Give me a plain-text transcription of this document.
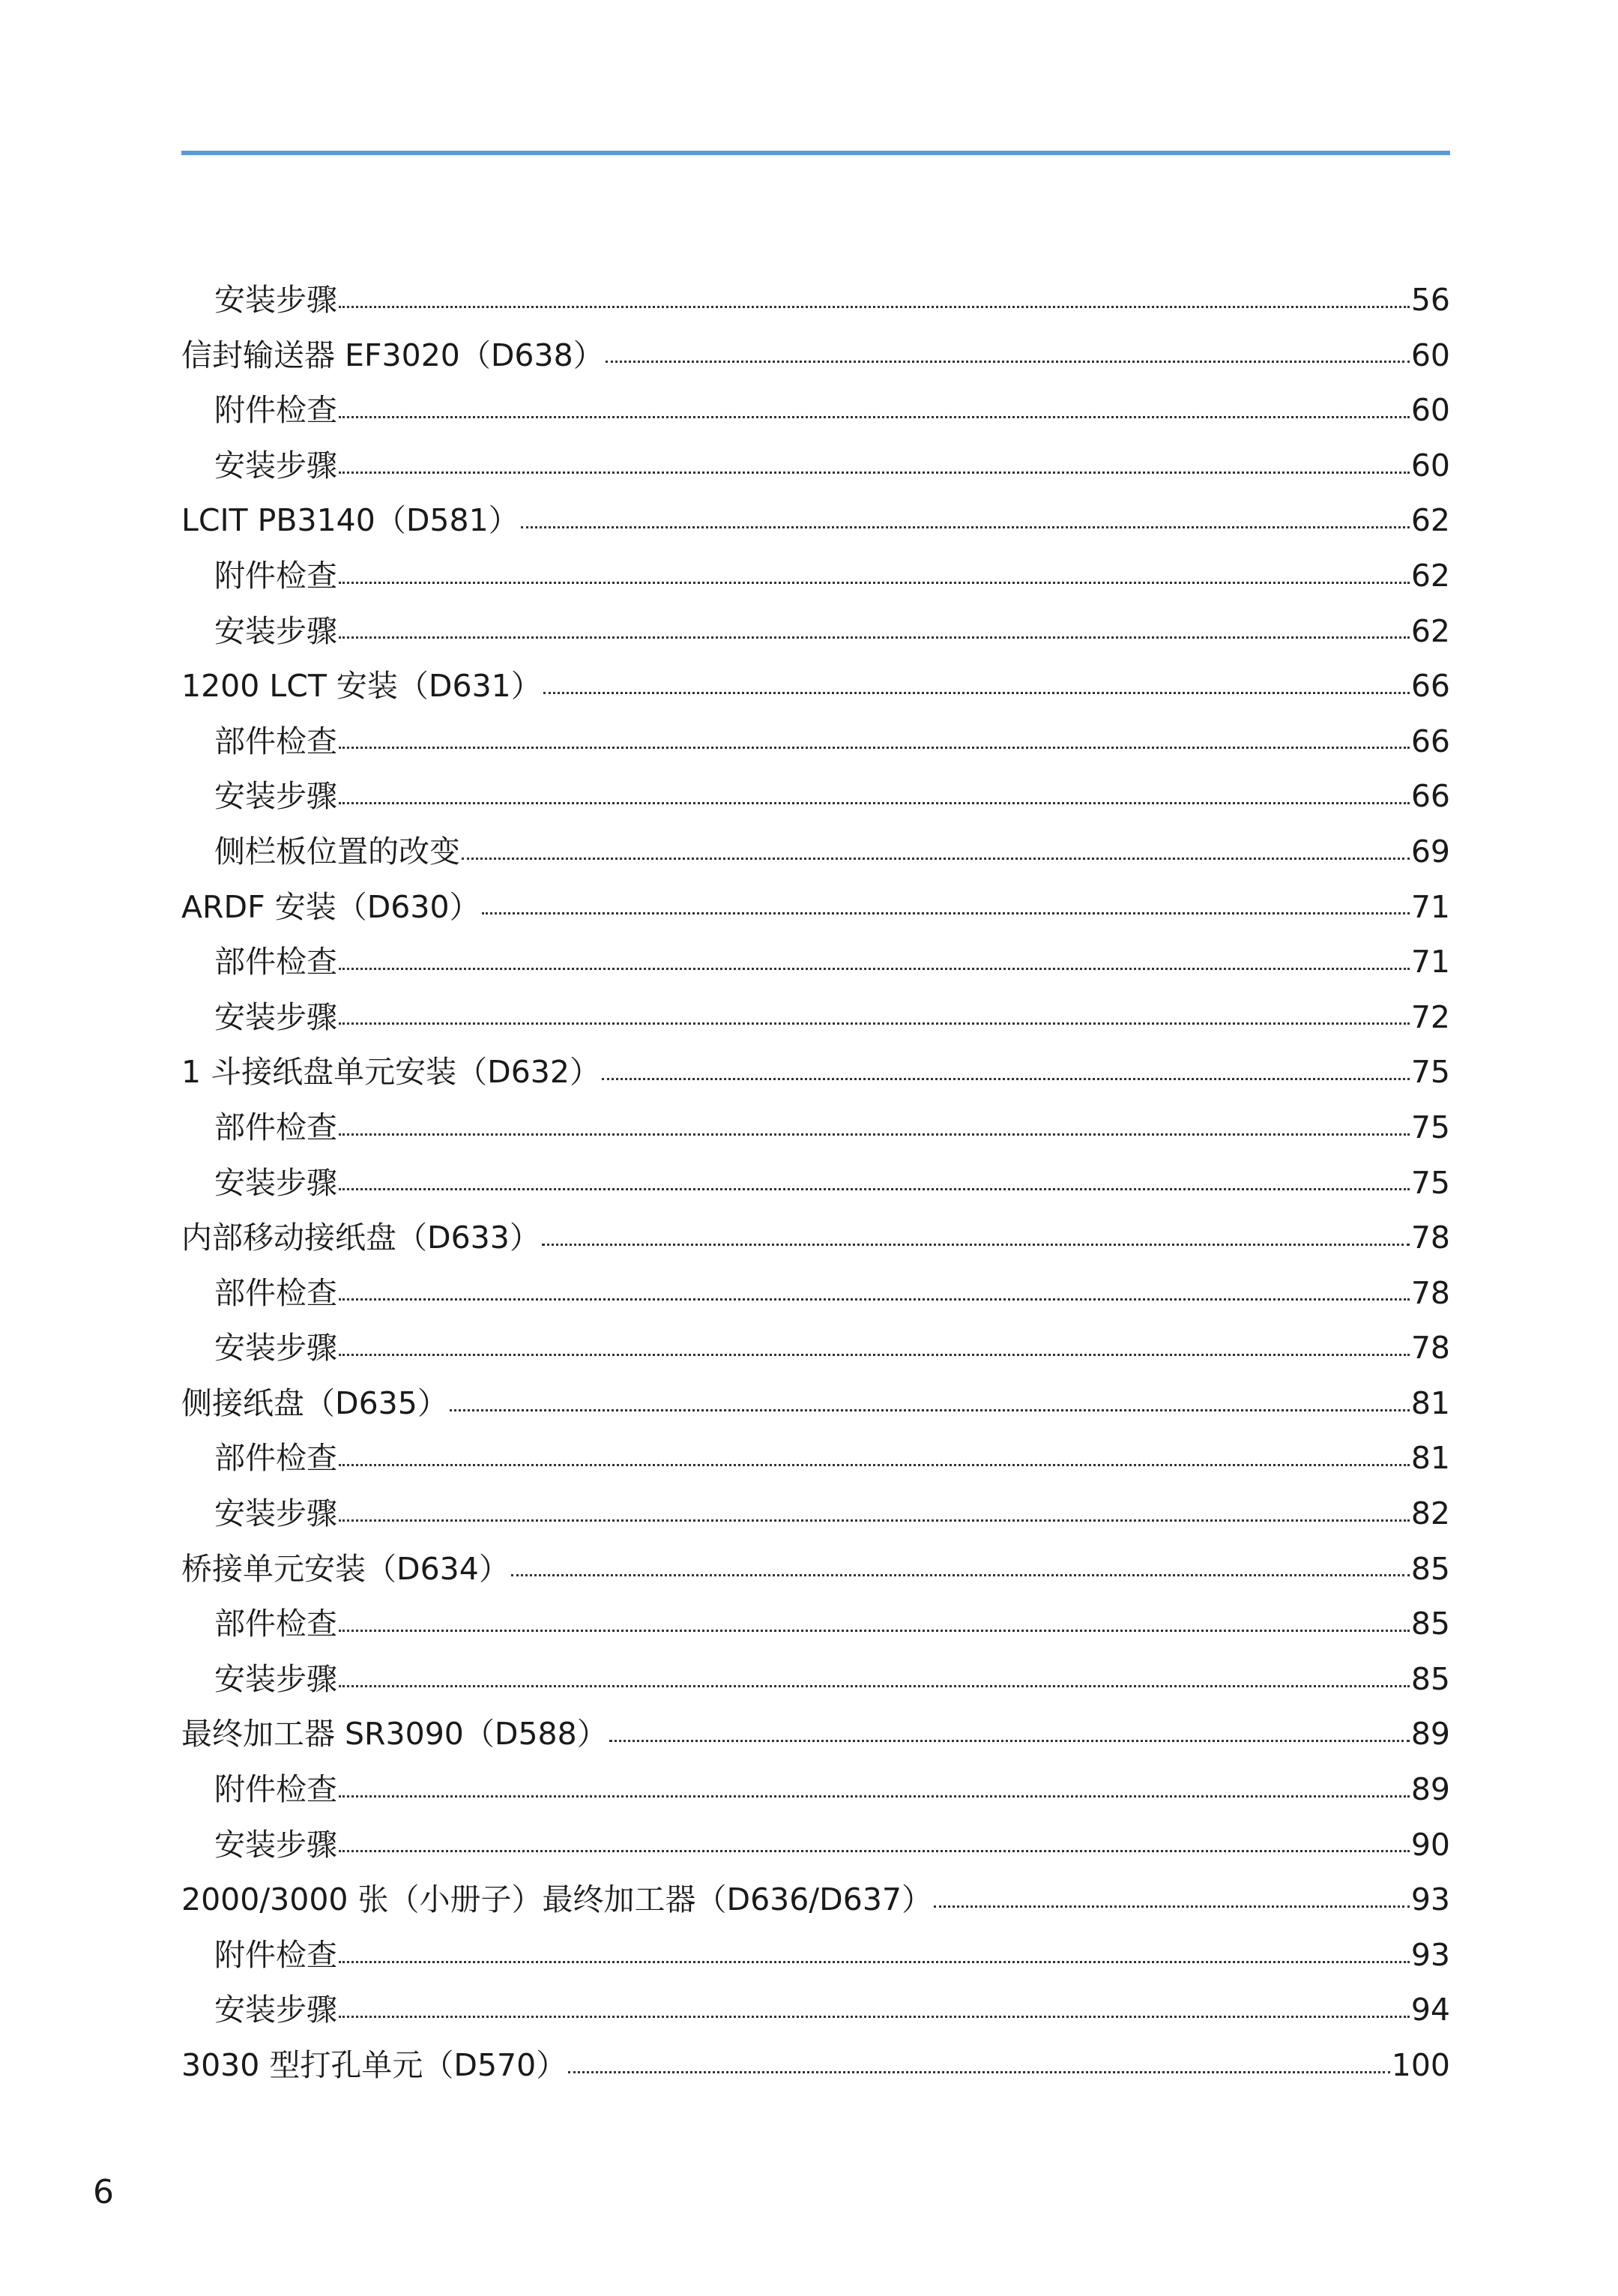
安装步骤	56
信封输送器 EF3020（D638）	60
附件检查	60
安装步骤	60
LCIT PB3140（D581）	62
附件检查	62
安装步骤	62
1200 LCT 安装（D631）	66
部件检查	66
安装步骤	66
侧栏板位置的改变	69
ARDF 安装（D630）	71
部件检查	71
安装步骤	72
1 斗接纸盘单元安装（D632）	75
部件检查	75
安装步骤	75
内部移动接纸盘（D633）	78
部件检查	78
安装步骤	78
侧接纸盘（D635）	81
部件检查	81
安装步骤	82
桥接单元安装（D634）	85
部件检查	85
安装步骤	85
最终加工器 SR3090（D588）	89
附件检查	89
安装步骤	90
2000/3000 张（小册子）最终加工器（D636/D637）	93
附件检查	93
安装步骤	94
3030 型打孔单元（D570）	100
6
